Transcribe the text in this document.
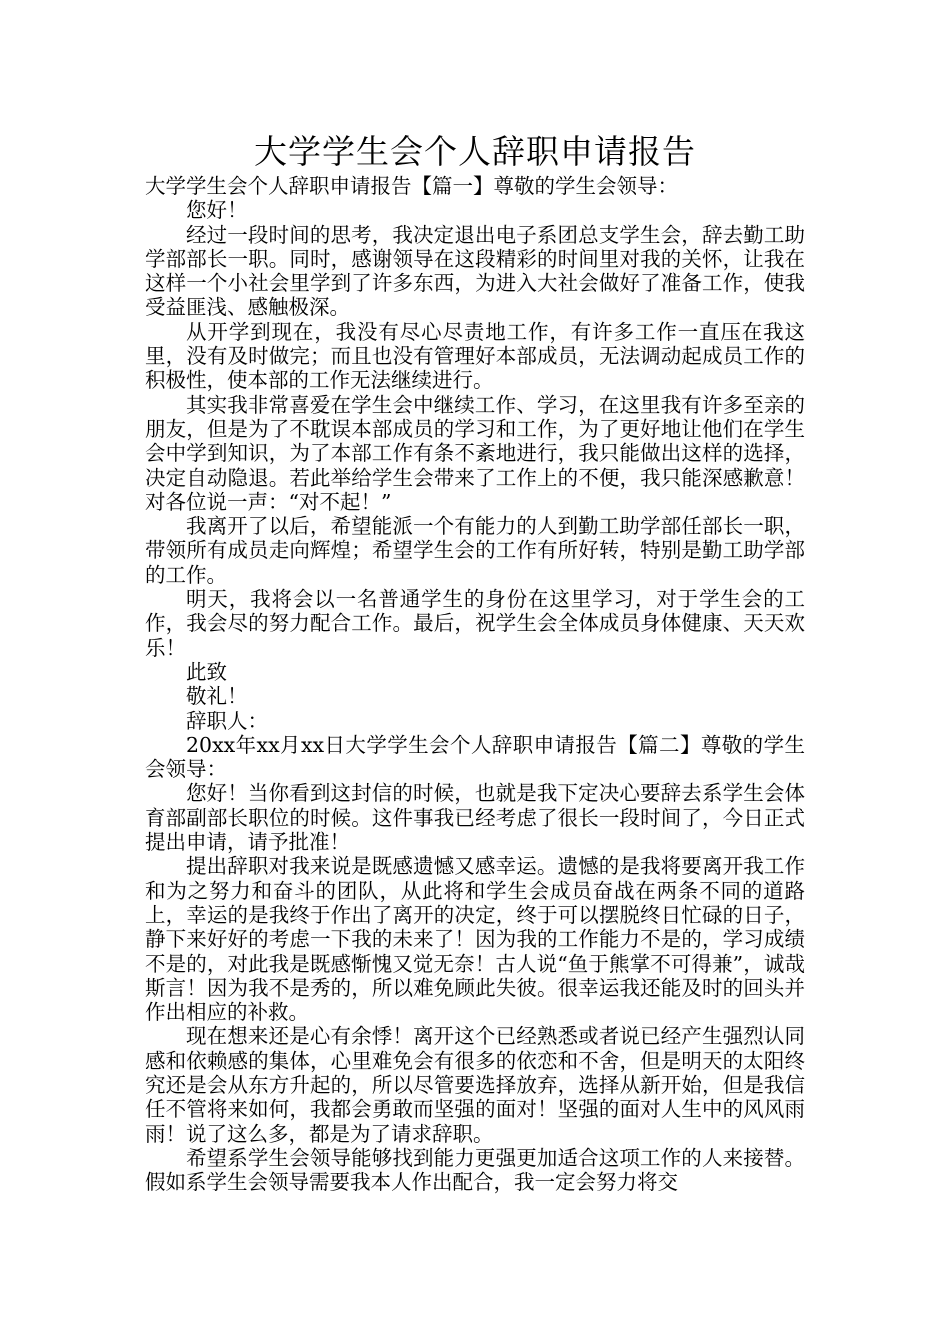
大学学生会个人辞职申请报告

大学学生会个人辞职申请报告【篇一】尊敬的学生会领导：

您好！

经过一段时间的思考，我决定退出电子系团总支学生会，辞去勤工助学部部长一职。同时，感谢领导在这段精彩的时间里对我的关怀，让我在这样一个小社会里学到了许多东西，为进入大社会做好了准备工作，使我受益匪浅、感触极深。

从开学到现在，我没有尽心尽责地工作，有许多工作一直压在我这里，没有及时做完；而且也没有管理好本部成员，无法调动起成员工作的积极性，使本部的工作无法继续进行。

其实我非常喜爱在学生会中继续工作、学习，在这里我有许多至亲的朋友，但是为了不耽误本部成员的学习和工作，为了更好地让他们在学生会中学到知识，为了本部工作有条不紊地进行，我只能做出这样的选择，决定自动隐退。若此举给学生会带来了工作上的不便，我只能深感歉意！对各位说一声：“对不起！”

我离开了以后，希望能派一个有能力的人到勤工助学部任部长一职，带领所有成员走向辉煌；希望学生会的工作有所好转，特别是勤工助学部的工作。

明天，我将会以一名普通学生的身份在这里学习，对于学生会的工作，我会尽的努力配合工作。最后，祝学生会全体成员身体健康、天天欢乐！

此致

敬礼！

辞职人：

20xx年xx月xx日大学学生会个人辞职申请报告【篇二】尊敬的学生会领导：

您好！当你看到这封信的时候，也就是我下定决心要辞去系学生会体育部副部长职位的时候。这件事我已经考虑了很长一段时间了，今日正式提出申请，请予批准！

提出辞职对我来说是既感遗憾又感幸运。遗憾的是我将要离开我工作和为之努力和奋斗的团队，从此将和学生会成员奋战在两条不同的道路上，幸运的是我终于作出了离开的决定，终于可以摆脱终日忙碌的日子，静下来好好的考虑一下我的未来了！因为我的工作能力不是的，学习成绩不是的，对此我是既感惭愧又觉无奈！古人说“鱼于熊掌不可得兼”，诚哉斯言！因为我不是秀的，所以难免顾此失彼。很幸运我还能及时的回头并作出相应的补救。

现在想来还是心有余悸！离开这个已经熟悉或者说已经产生强烈认同感和依赖感的集体，心里难免会有很多的依恋和不舍，但是明天的太阳终究还是会从东方升起的，所以尽管要选择放弃，选择从新开始，但是我信任不管将来如何，我都会勇敢而坚强的面对！坚强的面对人生中的风风雨雨！说了这么多，都是为了请求辞职。

希望系学生会领导能够找到能力更强更加适合这项工作的人来接替。假如系学生会领导需要我本人作出配合，我一定会努力将交
